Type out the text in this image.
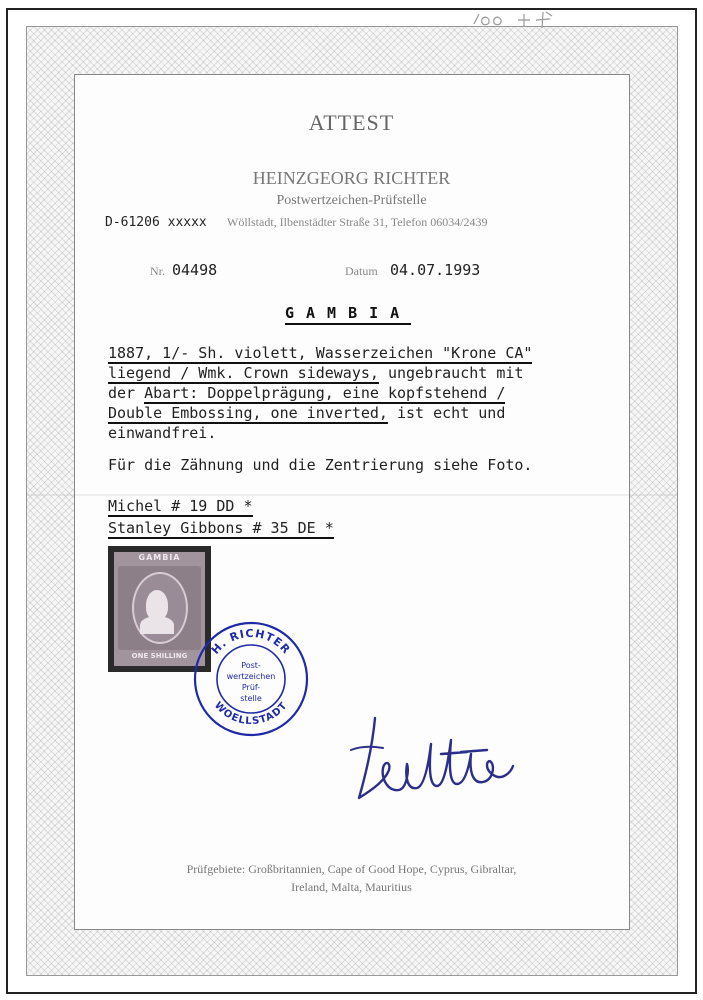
ATTEST
HEINZGEORG RICHTER
Postwertzeichen-Prüfstelle
D-61206 xxxxx Wöllstadt, Ilbenstädter Straße 31, Telefon 06034/2439
Nr. 04498	Datum 04.07.1993
GAMBIA
1887, 1/- Sh. violett, Wasserzeichen "Krone CA"
liegend / Wmk. Crown sideways, ungebraucht mit
der Abart: Doppelprägung, eine kopfstehend /
Double Embossing, one inverted, ist echt und
einwandfrei.
Für die Zähnung und die Zentrierung siehe Foto.
Michel # 19 DD *
Stanley Gibbons # 35 DE *
GAMBIA
ONE SHILLING	H. RICHTER
WOELLSTADT
Post-
wertzeichen
Prüf-
stelle
Prüfgebiete: Großbritannien, Cape of Good Hope, Cyprus, Gibraltar,
Ireland, Malta, Mauritius
